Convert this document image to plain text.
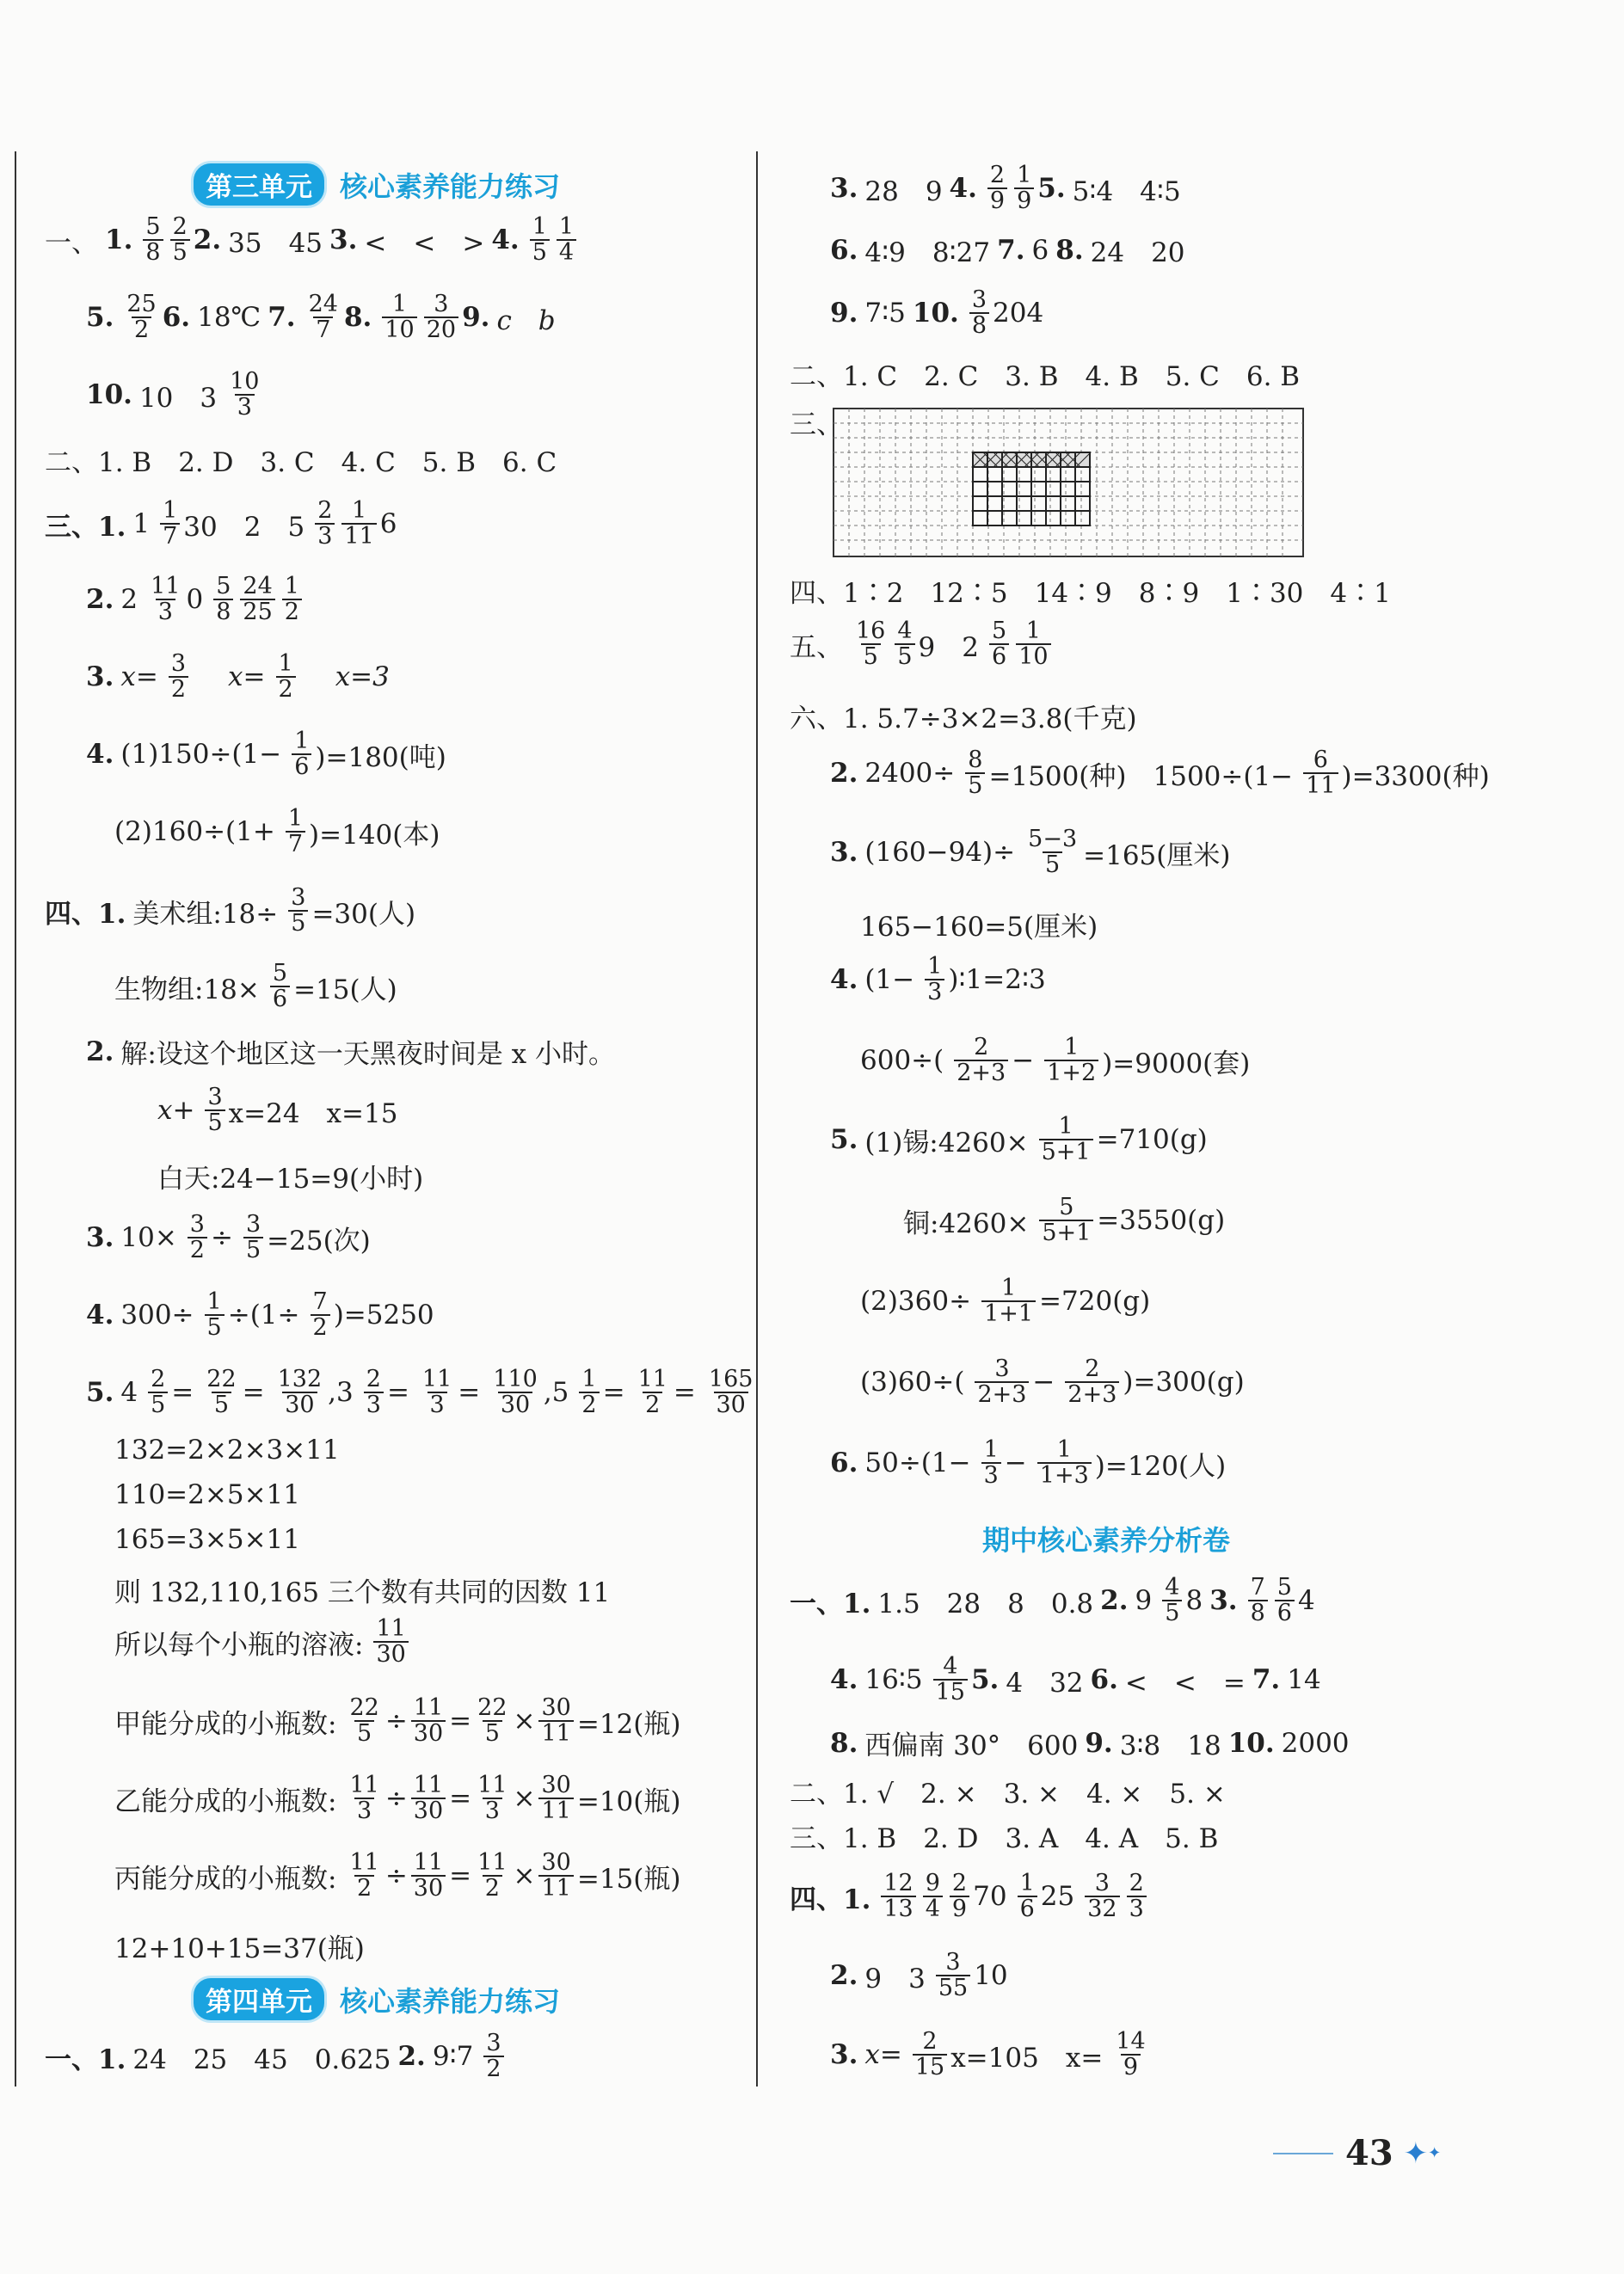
第三单元	核心素养能力练习
一、 1. $\frac{5}{8} \frac{2}{5} 2$. 35　45 3. <　<　> 4. $\frac{1}{5} \frac{1}{4}$
5. $\frac{25}{2} 6$. 18℃ 7. $\frac{24}{7} 8$. $\frac{1}{10} \frac{3}{20} 9$. c　b
10. 10　$3 \frac{10}{3}$
二、1. B　2. D　3. C　4. C　5. B　6. C
三、1. $1 \frac{1}{7} 30$　2　$5 \frac{2}{3} \frac{1}{11} 6$
2. $2 \frac{11}{3} 0 \frac{5}{8} \frac{24}{25} \frac{1}{2}$
3. $x= \frac{3}{2} x= \frac{1}{2} x=3$
4. $(1)150\div(1- \frac{1}{6} )=180$(吨)
$(2)160\div(1+ \frac{1}{7} )=140$(本)
四、1. 美术组:18÷ $\frac{3}{5} =30$(人)
生物组:18× $\frac{5}{6} =15$(人)
2. 解:设这个地区这一天黑夜时间是 x 小时。
$x+ \frac{3}{5} x=24$　x=15
白天:24−15=9(小时)
3. $10\times \frac{3}{2} \div \frac{3}{5} =25$(次)
4. $300\div \frac{1}{5} \div(1\div \frac{7}{2} )=5250$
5. $4 \frac{2}{5} = \frac{22}{5} = \frac{132}{30} ,3 \frac{2}{3} = \frac{11}{3} = \frac{110}{30} ,5 \frac{1}{2} = \frac{11}{2} = \frac{165}{30}$
132=2×2×3×11
110=2×5×11
165=3×5×11
则 132,110,165 三个数有共同的因数 11
所以每个小瓶的溶液: $\frac{11}{30}$
甲能分成的小瓶数: $\frac{22}{5} \div \frac{11}{30} = \frac{22}{5} \times \frac{30}{11} =12$(瓶)
乙能分成的小瓶数: $\frac{11}{3} \div \frac{11}{30} = \frac{11}{3} \times \frac{30}{11} =10$(瓶)
丙能分成的小瓶数: $\frac{11}{2} \div \frac{11}{30} = \frac{11}{2} \times \frac{30}{11} =15$(瓶)
12+10+15=37(瓶)
第四单元	核心素养能力练习
一、1. 24　25　45　0.625 2. 9∶7 $\frac{3}{2}$
3. 28　9 4. $\frac{2}{9} \frac{1}{9} 5$. 5∶4　4∶5
6. 4∶9　8∶27 7. 6 8. 24　20
9. 7∶5 10. $\frac{3}{8} 204$
二、1. C　2. C　3. B　4. B　5. C　6. B
三、
四、1∶2　12∶5　14∶9　8∶9　1∶30　4∶1
五、 $\frac{16}{5} \frac{4}{5} 9$　$2 \frac{5}{6} \frac{1}{10}$
六、1. 5.7÷3×2=3.8(千克)
2. $2400\div \frac{8}{5} =1500$(种)　$1500\div(1- \frac{6}{11} )=3300$(种)
3. $(160-94)\div \frac{5-3}{5} =165$(厘米)
165−160=5(厘米)
4. ($1- \frac{1}{3}$ )∶1=2∶3
$600\div( \frac{2}{2+3} - \frac{1}{1+2} )=9000$(套)
5. (1)锡:4260× $\frac{1}{5+1} =710(g)$
铜:4260× $\frac{5}{5+1} =3550(g)$
$(2)360\div \frac{1}{1+1} =720(g)$
$(3)60\div( \frac{3}{2+3} - \frac{2}{2+3} )=300(g)$
6. $50\div(1- \frac{1}{3} - \frac{1}{1+3} )=120$(人)
期中核心素养分析卷
一、1. 1.5　28　8　0.8 2. $9 \frac{4}{5} 8$ 3. $\frac{7}{8} \frac{5}{6} 4$
4. 16∶5 $\frac{4}{15} 5$. 4　32 6. <　<　= 7. 14
8. 西偏南 30°　600 9. 3∶8　18 10. 2000
二、1. √　2. ×　3. ×　4. ×　5. ×
三、1. B　2. D　3. A　4. A　5. B
四、1. $\frac{12}{13} \frac{9}{4} \frac{2}{9} 70 \frac{1}{6} 25 \frac{3}{32} \frac{2}{3}$
2. 9　$3 \frac{3}{55} 10$
3. $x= \frac{2}{15} x=105$　$x= \frac{14}{9}$
43 ✦ ✦
